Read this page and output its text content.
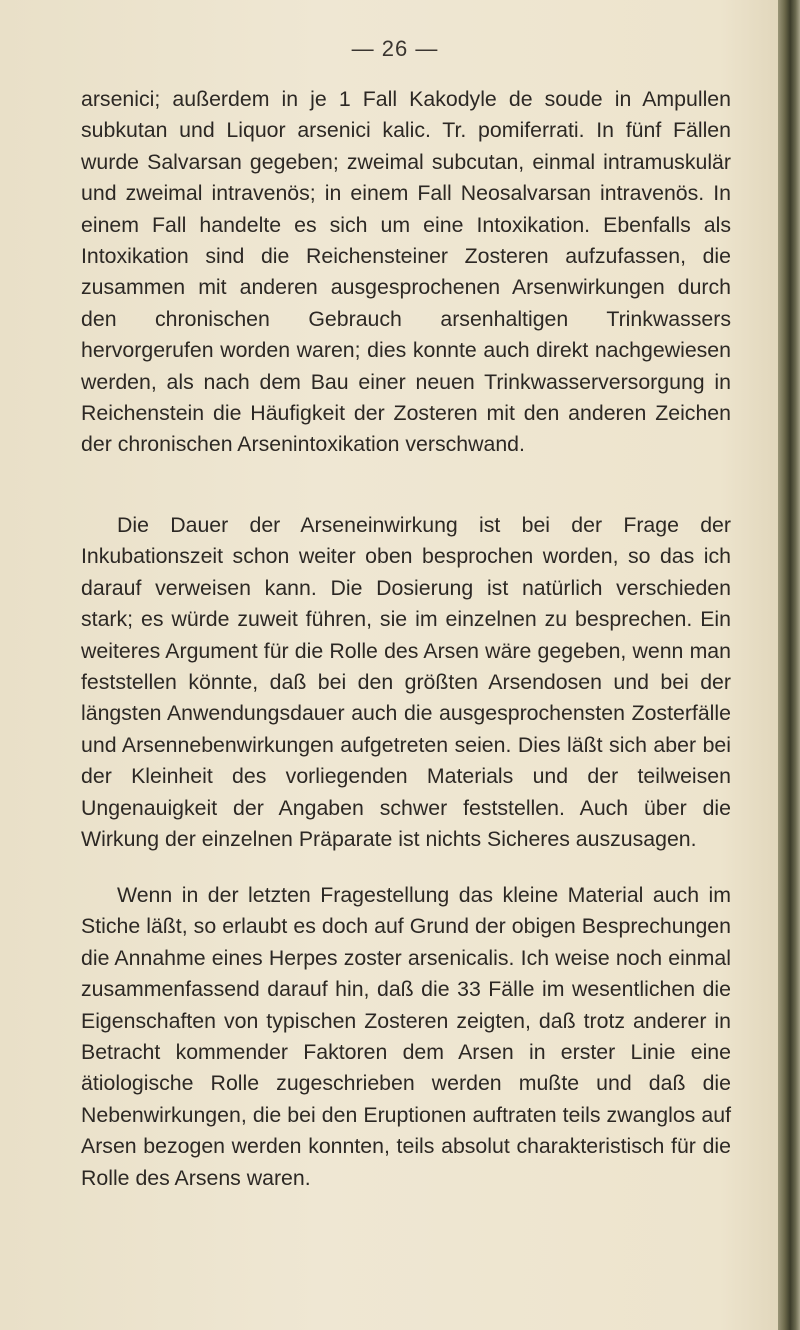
— 26 —

arsenici; außerdem in je 1 Fall Kakodyle de soude in Ampullen subkutan und Liquor arsenici kalic. Tr. pomiferrati. In fünf Fällen wurde Salvarsan gegeben; zweimal subcutan, einmal intramuskulär und zweimal intravenös; in einem Fall Neosalvarsan intravenös. In einem Fall handelte es sich um eine Intoxikation. Ebenfalls als Intoxikation sind die Reichensteiner Zosteren aufzufassen, die zusammen mit anderen ausgesprochenen Arsenwirkungen durch den chronischen Gebrauch arsenhaltigen Trinkwassers hervorgerufen worden waren; dies konnte auch direkt nachgewiesen werden, als nach dem Bau einer neuen Trinkwasserversorgung in Reichenstein die Häufigkeit der Zosteren mit den anderen Zeichen der chronischen Arsenintoxikation verschwand.

Die Dauer der Arseneinwirkung ist bei der Frage der Inkubationszeit schon weiter oben besprochen worden, so das ich darauf verweisen kann. Die Dosierung ist natürlich verschieden stark; es würde zuweit führen, sie im einzelnen zu besprechen. Ein weiteres Argument für die Rolle des Arsen wäre gegeben, wenn man feststellen könnte, daß bei den größten Arsendosen und bei der längsten Anwendungsdauer auch die ausgesprochensten Zosterfälle und Arsennebenwirkungen aufgetreten seien. Dies läßt sich aber bei der Kleinheit des vorliegenden Materials und der teilweisen Ungenauigkeit der Angaben schwer feststellen. Auch über die Wirkung der einzelnen Präparate ist nichts Sicheres auszusagen.

Wenn in der letzten Fragestellung das kleine Material auch im Stiche läßt, so erlaubt es doch auf Grund der obigen Besprechungen die Annahme eines Herpes zoster arsenicalis. Ich weise noch einmal zusammenfassend darauf hin, daß die 33 Fälle im wesentlichen die Eigenschaften von typischen Zosteren zeigten, daß trotz anderer in Betracht kommender Faktoren dem Arsen in erster Linie eine ätiologische Rolle zugeschrieben werden mußte und daß die Nebenwirkungen, die bei den Eruptionen auftraten teils zwanglos auf Arsen bezogen werden konnten, teils absolut charakteristisch für die Rolle des Arsens waren.
